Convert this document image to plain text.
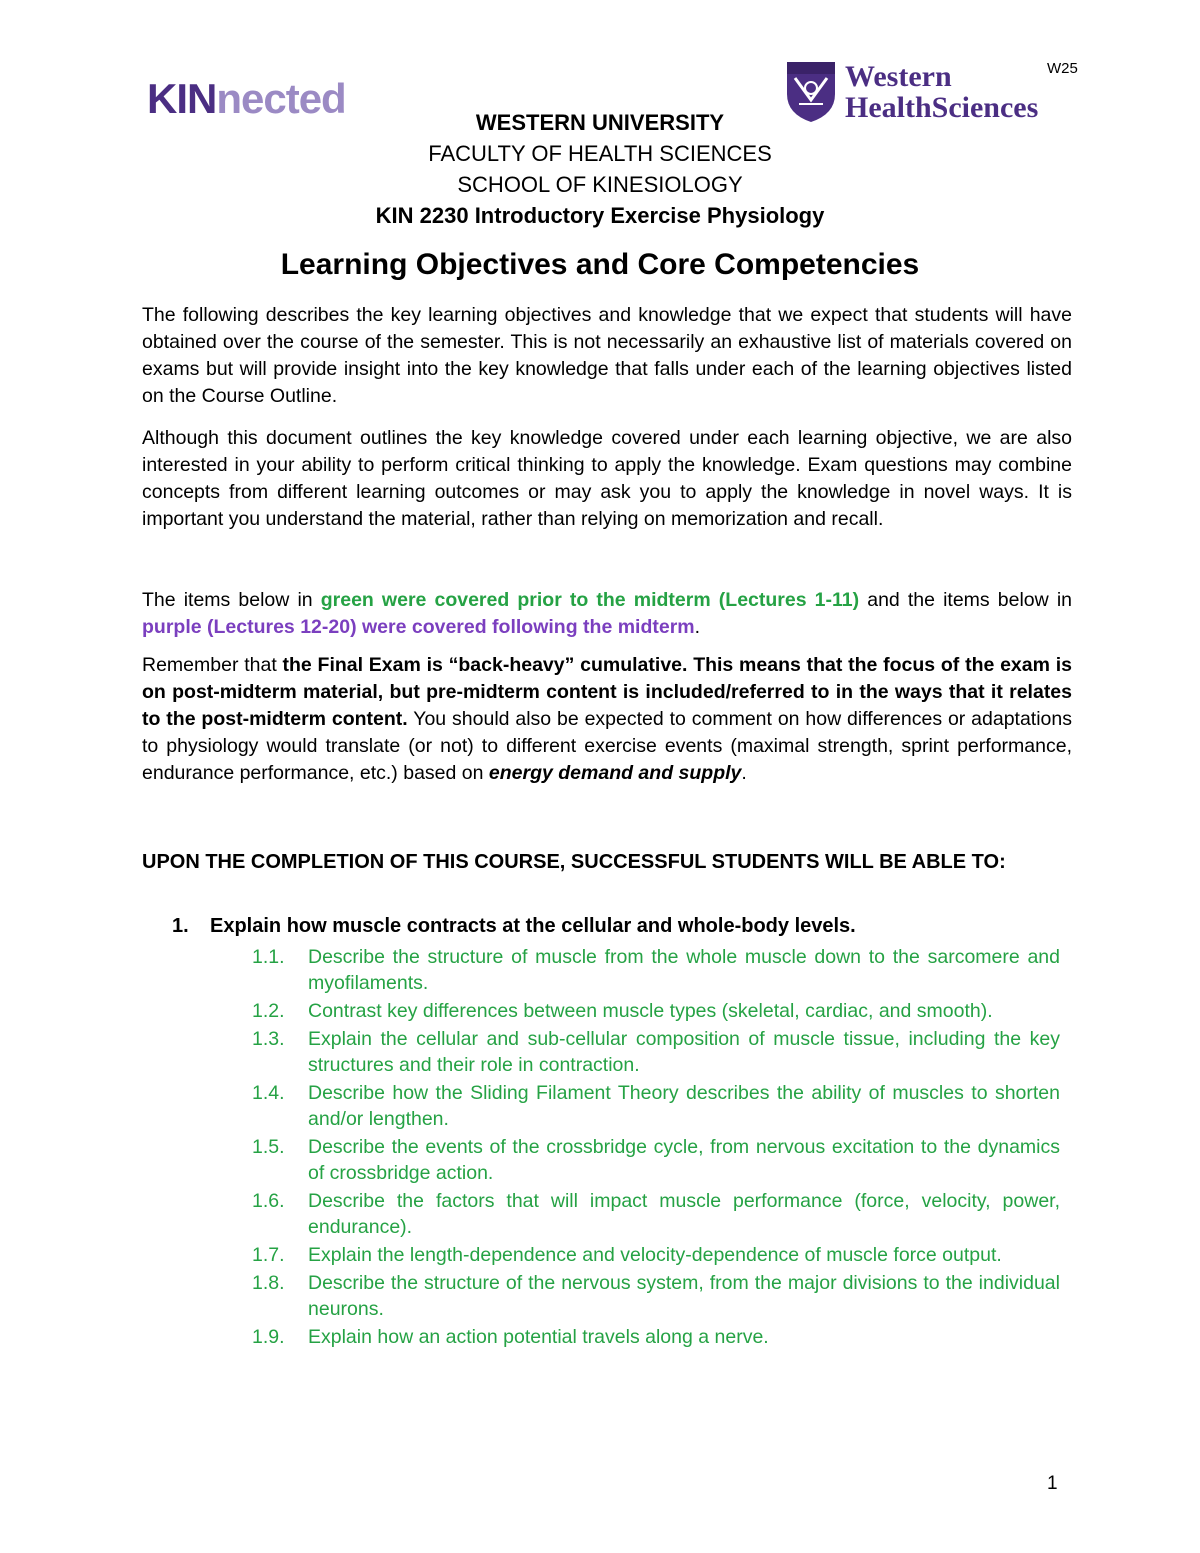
W25
KINnected	Western
HealthSciences
WESTERN UNIVERSITY
FACULTY OF HEALTH SCIENCES
SCHOOL OF KINESIOLOGY
KIN 2230 Introductory Exercise Physiology
Learning Objectives and Core Competencies
The following describes the key learning objectives and knowledge that we expect that students will have obtained over the course of the semester. This is not necessarily an exhaustive list of materials covered on exams but will provide insight into the key knowledge that falls under each of the learning objectives listed on the Course Outline.
Although this document outlines the key knowledge covered under each learning objective, we are also interested in your ability to perform critical thinking to apply the knowledge. Exam questions may combine concepts from different learning outcomes or may ask you to apply the knowledge in novel ways. It is important you understand the material, rather than relying on memorization and recall.
The items below in green were covered prior to the midterm (Lectures 1-11) and the items below in purple (Lectures 12-20) were covered following the midterm.
Remember that the Final Exam is “back-heavy” cumulative. This means that the focus of the exam is on post-midterm material, but pre-midterm content is included/referred to in the ways that it relates to the post-midterm content. You should also be expected to comment on how differences or adaptations to physiology would translate (or not) to different exercise events (maximal strength, sprint performance, endurance performance, etc.) based on energy demand and supply.
UPON THE COMPLETION OF THIS COURSE, SUCCESSFUL STUDENTS WILL BE ABLE TO:
1. Explain how muscle contracts at the cellular and whole-body levels.
1.1. Describe the structure of muscle from the whole muscle down to the sarcomere and myofilaments.
1.2. Contrast key differences between muscle types (skeletal, cardiac, and smooth).
1.3. Explain the cellular and sub-cellular composition of muscle tissue, including the key structures and their role in contraction.
1.4. Describe how the Sliding Filament Theory describes the ability of muscles to shorten and/or lengthen.
1.5. Describe the events of the crossbridge cycle, from nervous excitation to the dynamics of crossbridge action.
1.6. Describe the factors that will impact muscle performance (force, velocity, power, endurance).
1.7. Explain the length-dependence and velocity-dependence of muscle force output.
1.8. Describe the structure of the nervous system, from the major divisions to the individual neurons.
1.9. Explain how an action potential travels along a nerve.
1
